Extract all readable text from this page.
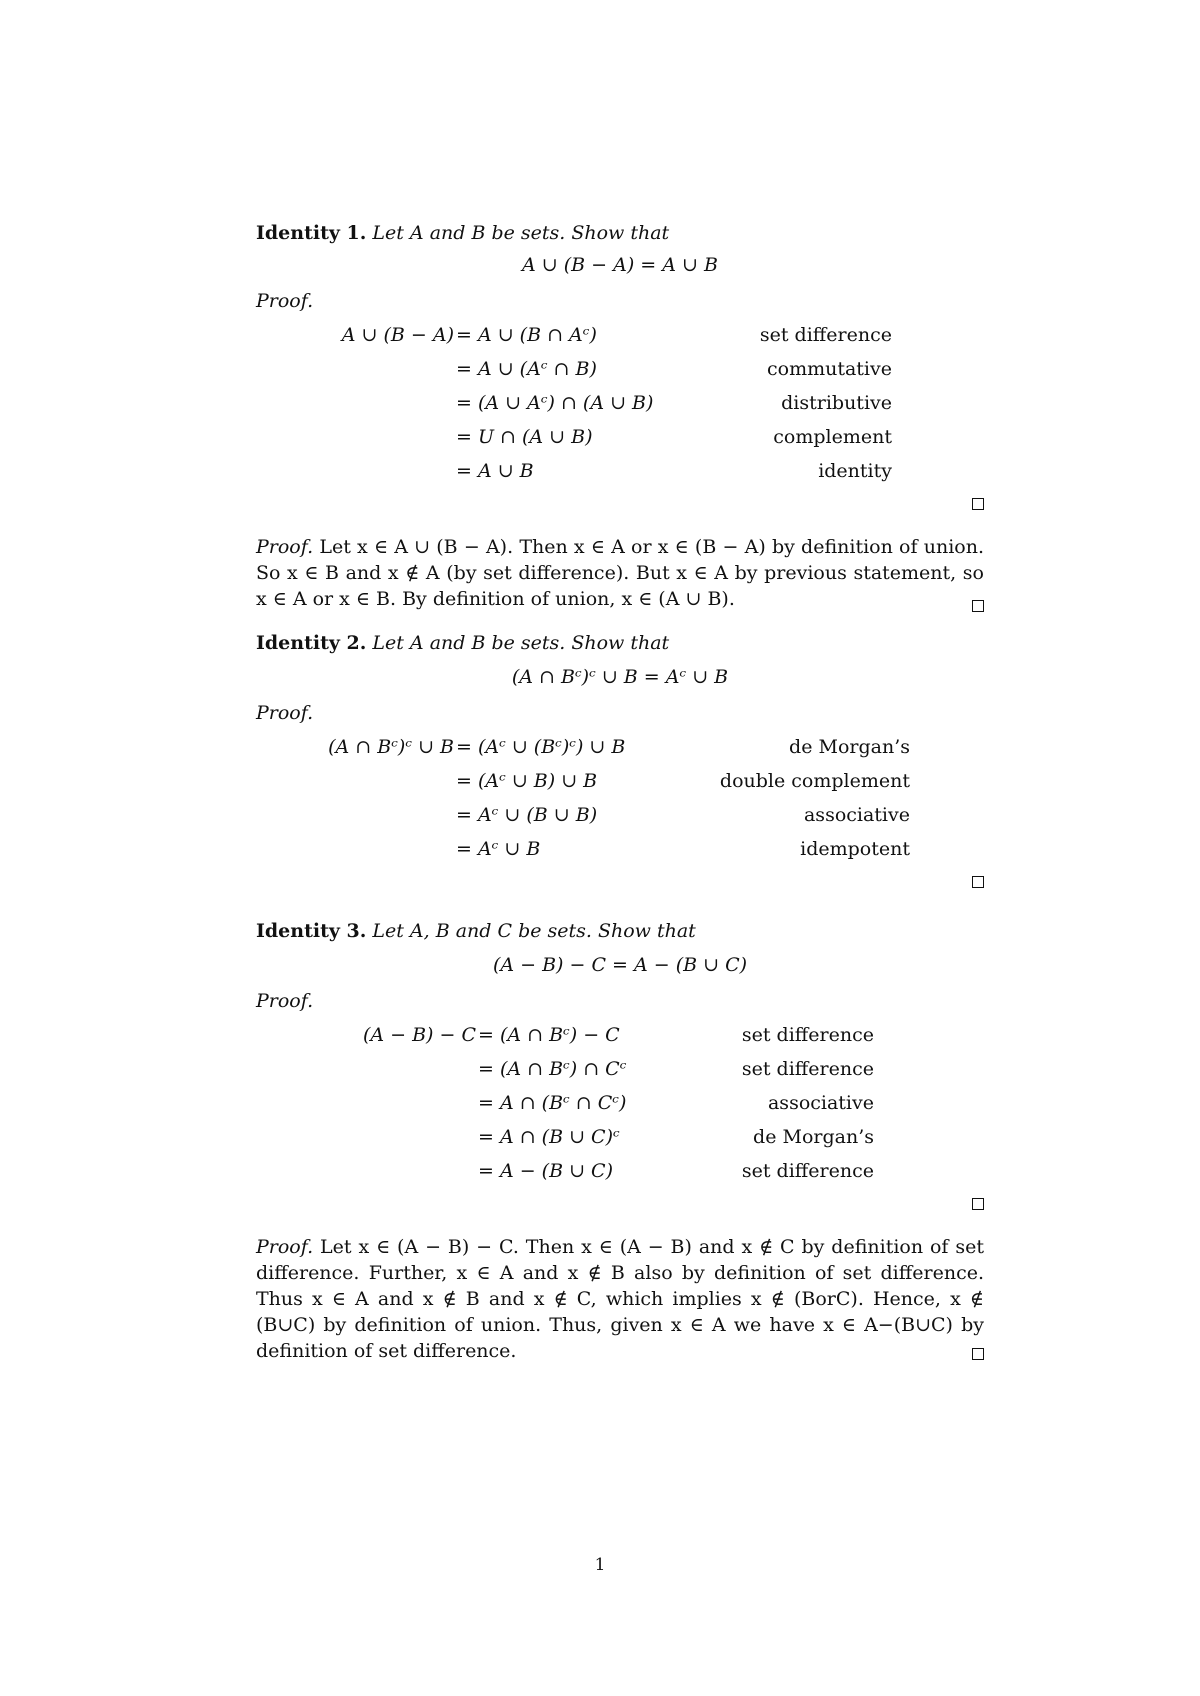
Identity 1. Let A and B be sets. Show that
A ∪ (B − A) = A ∪ B
Proof.
A ∪ (B − A) = A ∪ (B ∩ Aᶜ)	set difference
= A ∪ (Aᶜ ∩ B)	commutative
= (A ∪ Aᶜ) ∩ (A ∪ B)	distributive
= U ∩ (A ∪ B)	complement
= A ∪ B	identity
Proof. Let x ∈ A ∪ (B − A). Then x ∈ A or x ∈ (B − A) by definition of union. So x ∈ B and x ∉ A (by set difference). But x ∈ A by previous statement, so x ∈ A or x ∈ B. By definition of union, x ∈ (A ∪ B).
Identity 2. Let A and B be sets. Show that
(A ∩ Bᶜ)ᶜ ∪ B = Aᶜ ∪ B
Proof.
(A ∩ Bᶜ)ᶜ ∪ B = (Aᶜ ∪ (Bᶜ)ᶜ) ∪ B	de Morgan’s
= (Aᶜ ∪ B) ∪ B	double complement
= Aᶜ ∪ (B ∪ B)	associative
= Aᶜ ∪ B	idempotent
Identity 3. Let A, B and C be sets. Show that
(A − B) − C = A − (B ∪ C)
Proof.
(A − B) − C = (A ∩ Bᶜ) − C	set difference
= (A ∩ Bᶜ) ∩ Cᶜ	set difference
= A ∩ (Bᶜ ∩ Cᶜ)	associative
= A ∩ (B ∪ C)ᶜ	de Morgan’s
= A − (B ∪ C)	set difference
Proof. Let x ∈ (A − B) − C. Then x ∈ (A − B) and x ∉ C by definition of set difference. Further, x ∈ A and x ∉ B also by definition of set difference. Thus x ∈ A and x ∉ B and x ∉ C, which implies x ∉ (BorC). Hence, x ∉ (B∪C) by definition of union. Thus, given x ∈ A we have x ∈ A−(B∪C) by definition of set difference.
1
